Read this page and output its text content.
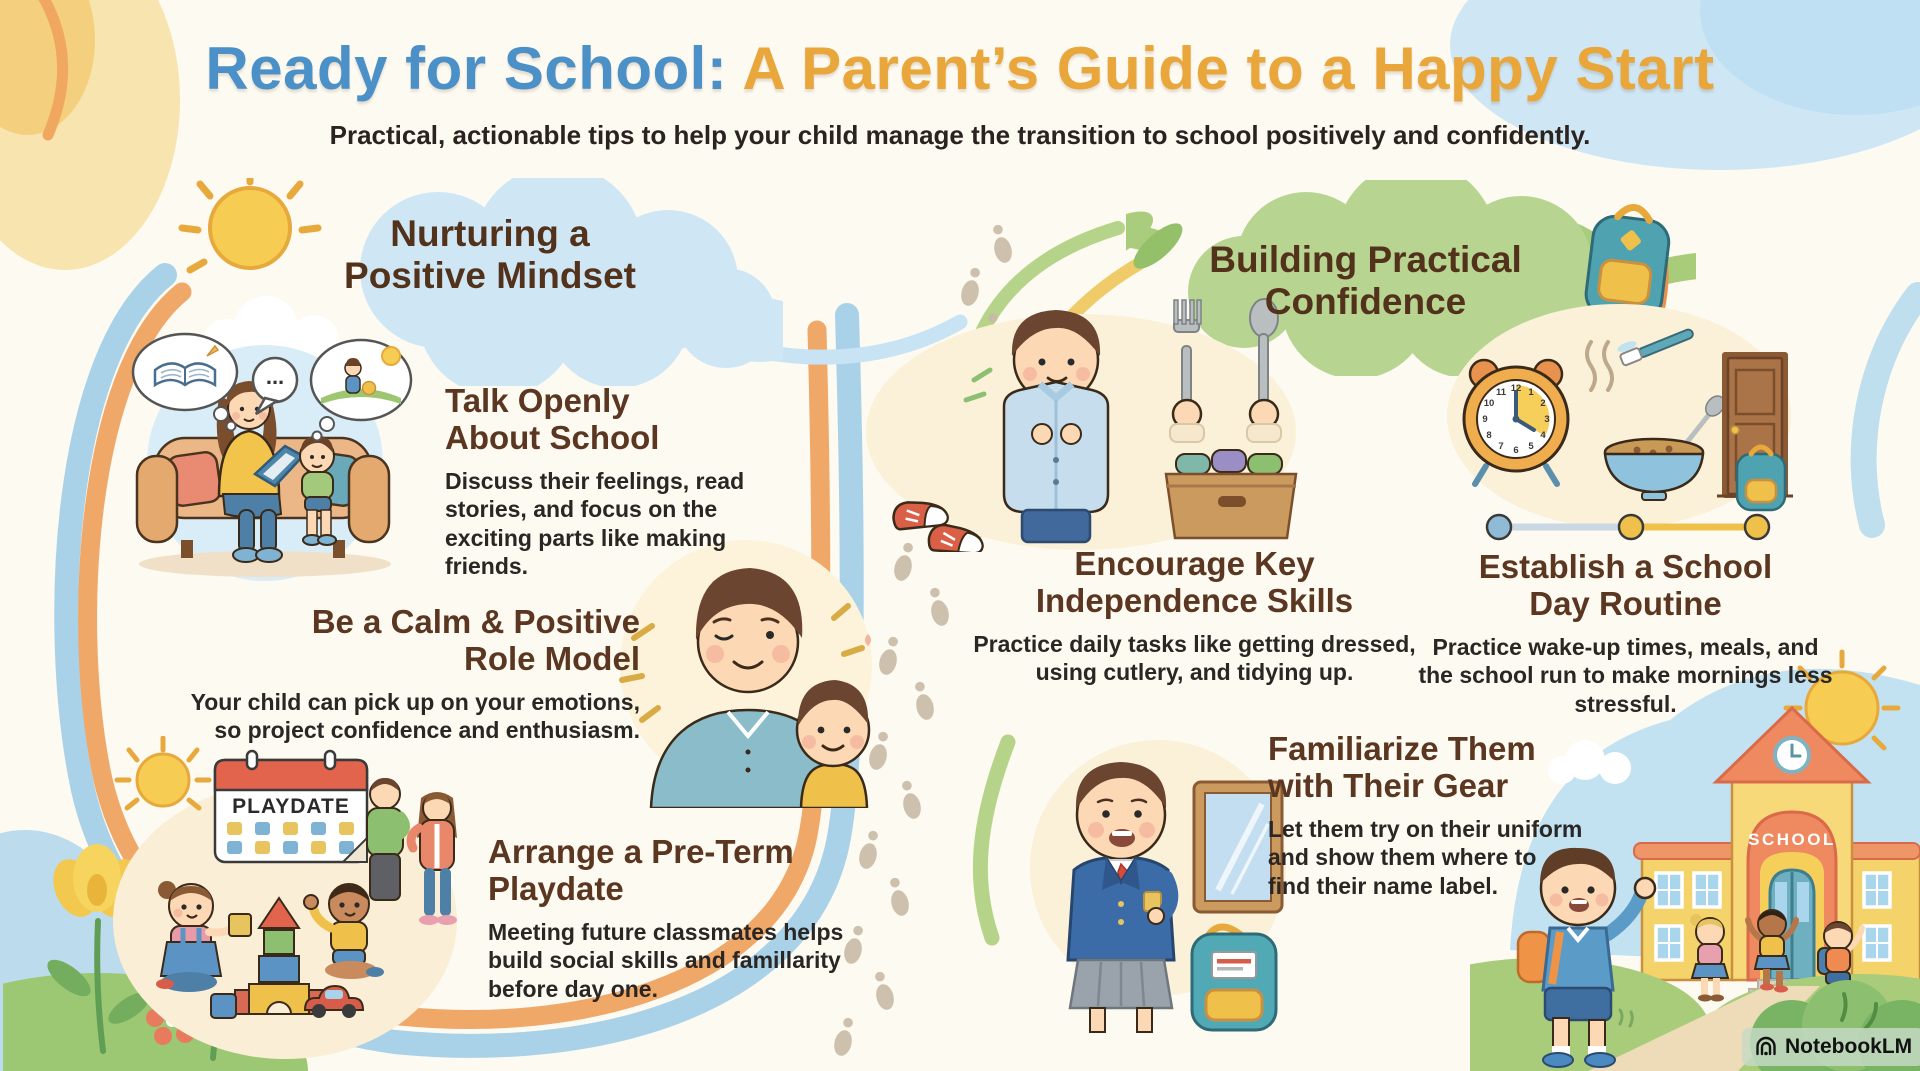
Ready for School: A Parent’s Guide to a Happy Start
Practical, actionable tips to help your child manage the transition to school positively and confidently.
Nurturing a Positive Mindset	Building Practical Confidence
...
Talk Openly About School
Discuss their feelings, read stories, and focus on the exciting parts like making friends.
Be a Calm & Positive Role Model
Your child can pick up on your emotions, so project confidence and enthusiasm.
PLAYDATE
Arrange a Pre-Term Playdate
Meeting future classmates helps build social skills and famillarity before day one.
Encourage Key Independence Skills
Practice daily tasks like getting dressed, using cutlery, and tidying up.
12 1
2
3
4
5
6
7
8
9
10
11
Establish a School Day Routine
Practice wake-up times, meals, and the school run to make mornings less stressful.
Familiarize Them with Their Gear
Let them try on their uniform and show them where to find their name label.
SCHOOL
NotebookLM
